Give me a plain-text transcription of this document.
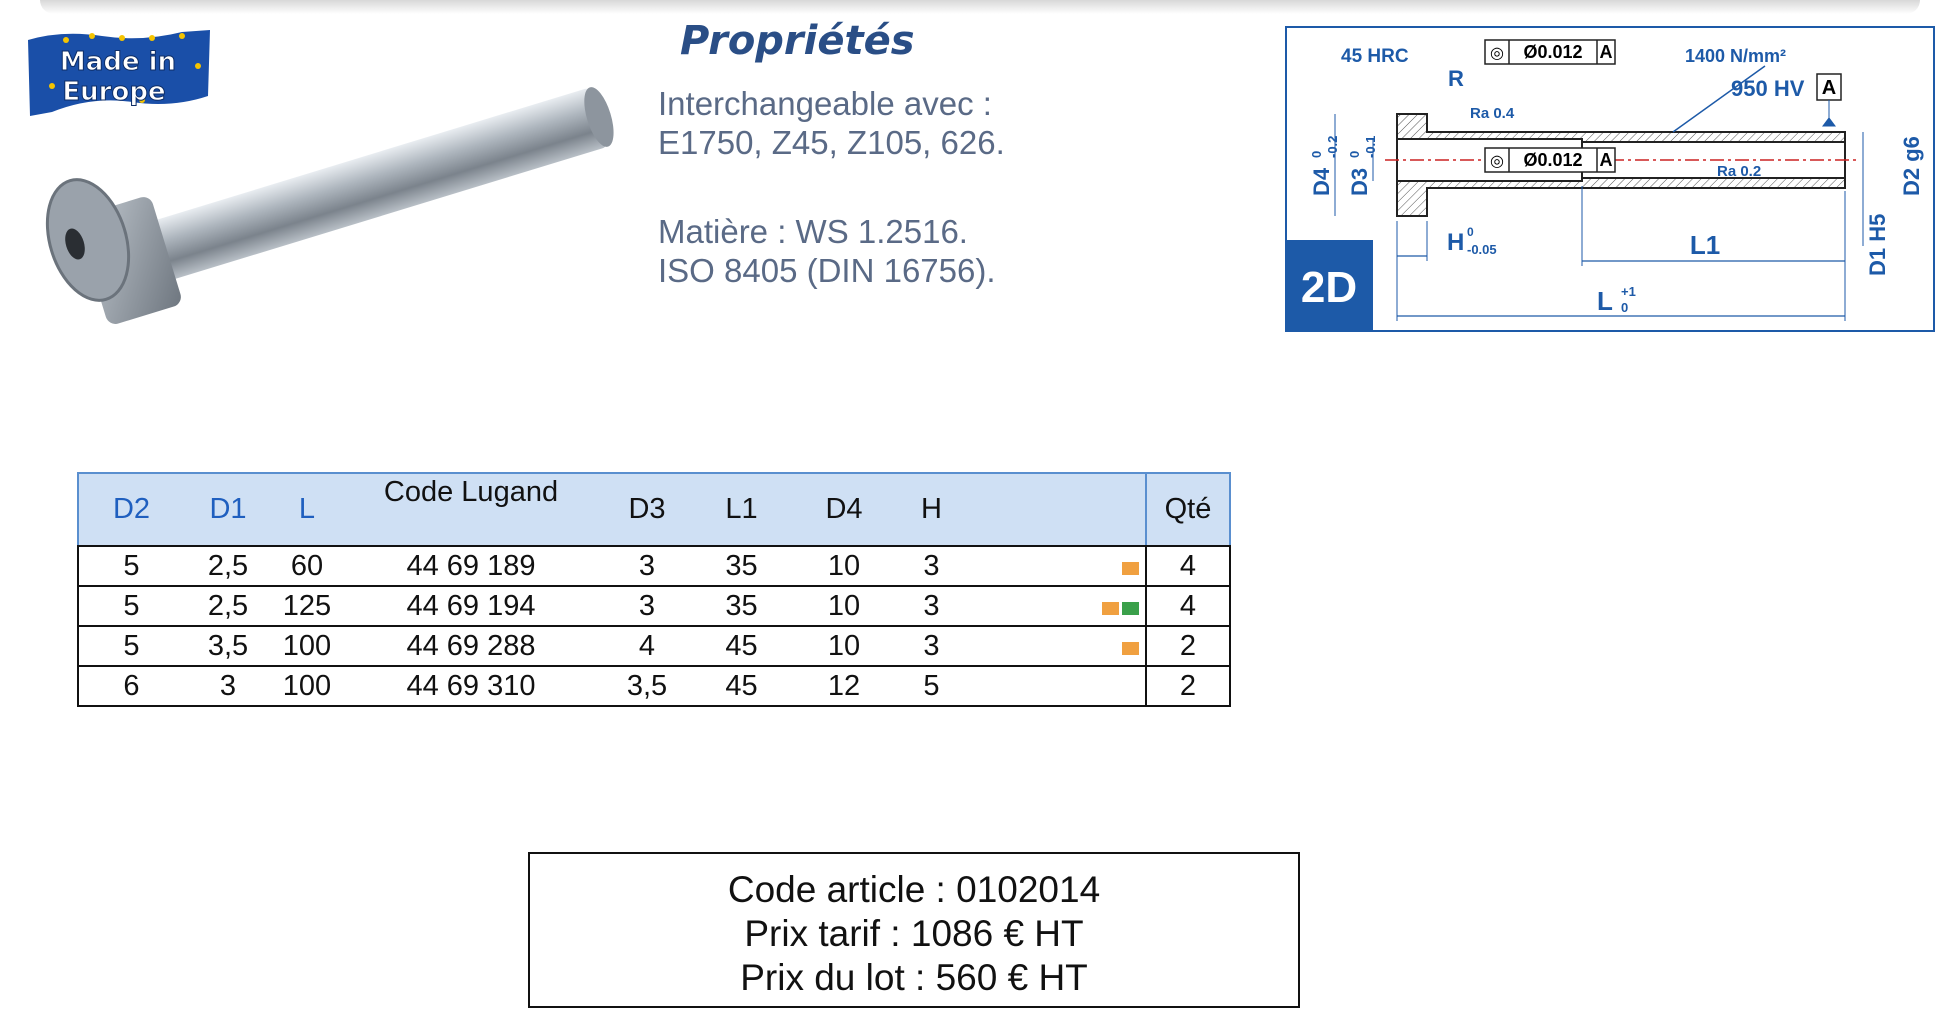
Made in
Europe
Propriétés
Interchangeable avec :
E1750, Z45, Z105, 626.
Matière : WS 1.2516.
ISO 8405 (DIN 16756).	2D
◎ Ø0.012 A
◎ Ø0.012 A
45 HRC
R
Ra 0.4
Ra 0.2
1400 N/mm²
950 HV A
D4
0 -0.2
D3
0 -0.1	D2 g6
D1 H5
H 0
-0.05	L1
L +1
0
D2	D1	L	Code Lugand	D3	L1	D4	H		Qté
5	2,5	60	44 69 189	3	35	10	3		4
5	2,5	125	44 69 194	3	35	10	3		4
5	3,5	100	44 69 288	4	45	10	3		2
6	3	100	44 69 310	3,5	45	12	5		2
Code article : 0102014
Prix tarif : 1086 € HT
Prix du lot : 560 € HT
